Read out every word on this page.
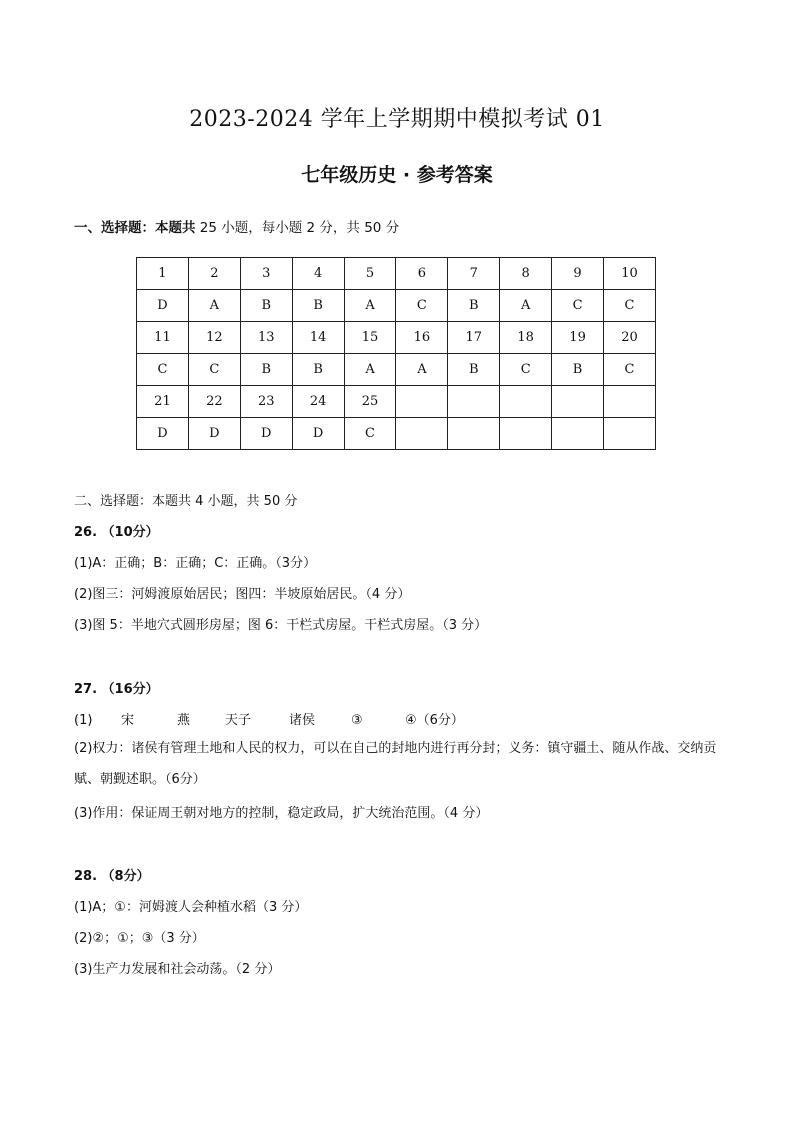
2023-2024 学年上学期期中模拟考试 01
七年级历史 · 参考答案
一、选择题：本题共 25 小题，每小题 2 分，共 50 分
1	2	3	4	5	6	7	8	9	10
D	A	B	B	A	C	B	A	C	C
11	12	13	14	15	16	17	18	19	20
C	C	B	B	A	A	B	C	B	C
21	22	23	24	25					
D	D	D	D	C					
二、选择题：本题共 4 小题，共 50 分
26. （10分）
(1)A：正确；B：正确；C：正确。（3分）
(2)图三：河姆渡原始居民；图四：半坡原始居民。（4 分）
(3)图 5：半地穴式圆形房屋；图 6：干栏式房屋。干栏式房屋。（3 分）
27. （16分）
(1) 宋	燕	天子	诸侯	③	④（6分）
(2)权力：诸侯有管理土地和人民的权力，可以在自己的封地内进行再分封；义务：镇守疆土、随从作战、交纳贡赋、朝觐述职。（6分）
(3)作用：保证周王朝对地方的控制，稳定政局，扩大统治范围。（4 分）
28. （8分）
(1)A；①：河姆渡人会种植水稻（3 分）
(2)②；①；③（3 分）
(3)生产力发展和社会动荡。（2 分）
